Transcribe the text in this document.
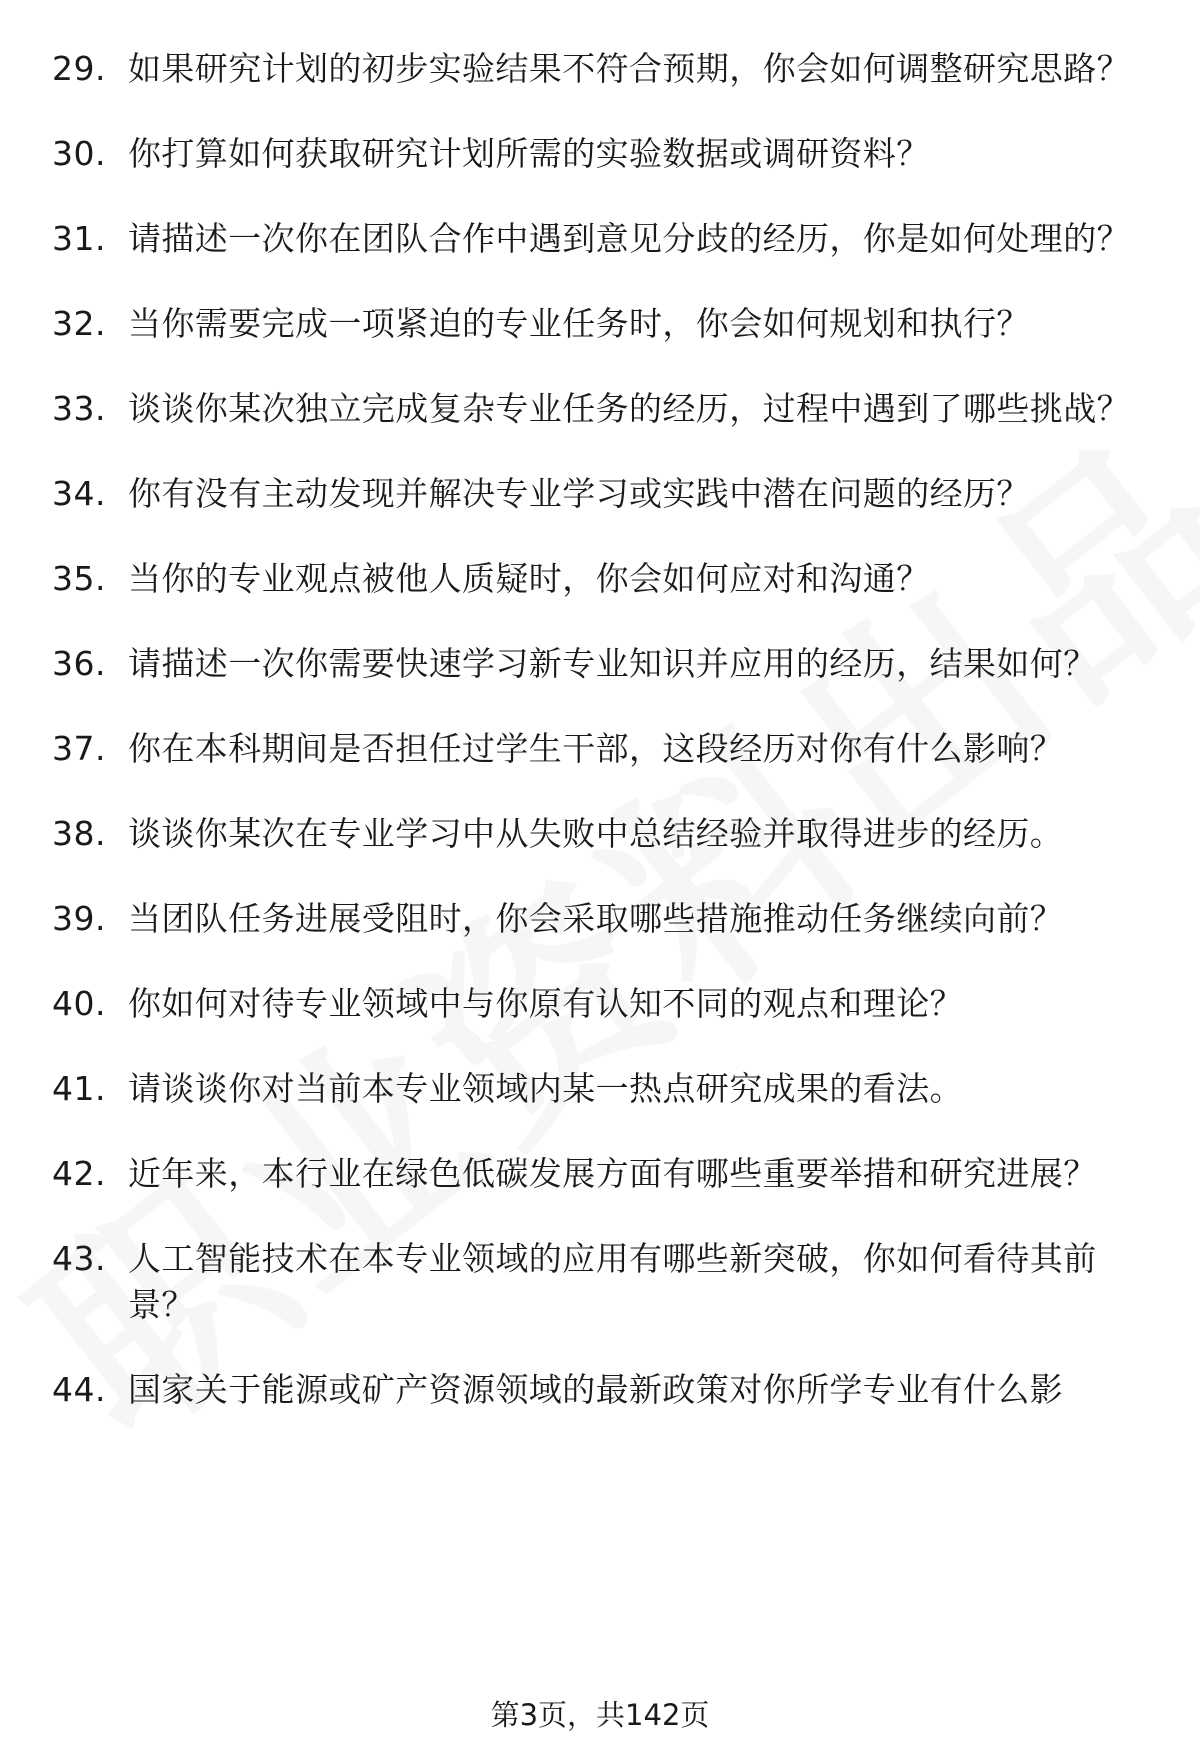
29. 如果研究计划的初步实验结果不符合预期，你会如何调整研究思路？
30. 你打算如何获取研究计划所需的实验数据或调研资料？
31. 请描述一次你在团队合作中遇到意见分歧的经历，你是如何处理的？
32. 当你需要完成一项紧迫的专业任务时，你会如何规划和执行？
33. 谈谈你某次独立完成复杂专业任务的经历，过程中遇到了哪些挑战？
34. 你有没有主动发现并解决专业学习或实践中潜在问题的经历？
35. 当你的专业观点被他人质疑时，你会如何应对和沟通？
36. 请描述一次你需要快速学习新专业知识并应用的经历，结果如何？
37. 你在本科期间是否担任过学生干部，这段经历对你有什么影响？
38. 谈谈你某次在专业学习中从失败中总结经验并取得进步的经历。
39. 当团队任务进展受阻时，你会采取哪些措施推动任务继续向前？
40. 你如何对待专业领域中与你原有认知不同的观点和理论？
41. 请谈谈你对当前本专业领域内某一热点研究成果的看法。
42. 近年来，本行业在绿色低碳发展方面有哪些重要举措和研究进展？
43. 人工智能技术在本专业领域的应用有哪些新突破，你如何看待其前景？
44. 国家关于能源或矿产资源领域的最新政策对你所学专业有什么影
第3页，共142页
